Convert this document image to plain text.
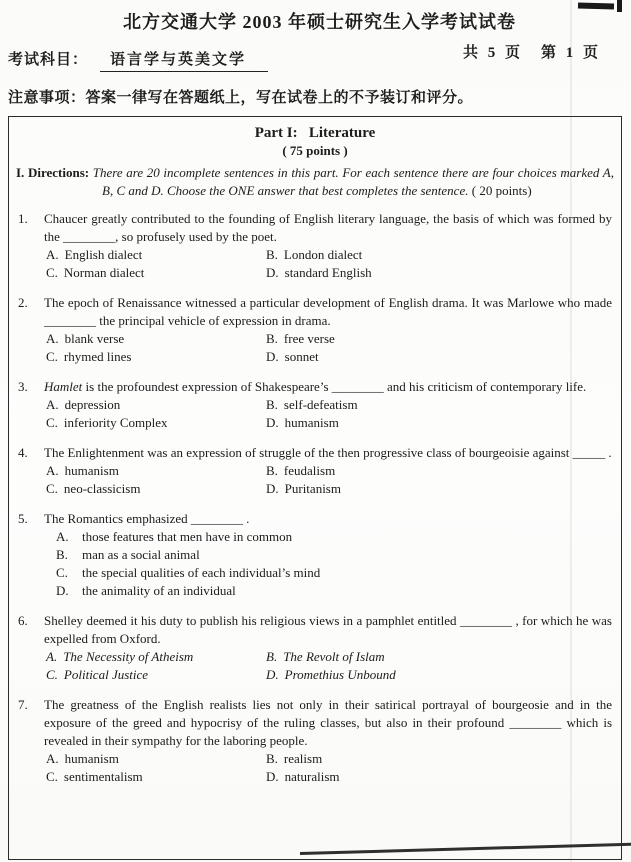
北方交通大学 2003 年硕士研究生入学考试试卷
考试科目：	语言学与英美文学	共 5 页　第 1 页
注意事项：答案一律写在答题纸上，写在试卷上的不予装订和评分。
Part I:   Literature
( 75 points )

I. Directions: There are 20 incomplete sentences in this part. For each sentence there are four choices marked A, B, C and D. Choose the ONE answer that best completes the sentence. ( 20 points)

1.	Chaucer greatly contributed to the founding of English literary language, the basis of which was formed by the ________, so profusely used by the poet.

A. English dialect	B. London dialect
C. Norman dialect	D. standard English
2.	The epoch of Renaissance witnessed a particular development of English drama. It was Marlowe who made ________ the principal vehicle of expression in drama.

A. blank verse	B. free verse
C. rhymed lines	D. sonnet
3.	Hamlet is the profoundest expression of Shakespeare’s ________ and his criticism of contemporary life.

A. depression	B. self-defeatism
C. inferiority Complex	D. humanism
4.	The Enlightenment was an expression of struggle of the then progressive class of bourgeoisie against _____ .

A. humanism	B. feudalism
C. neo-classicism	D. Puritanism
5.	The Romantics emphasized ________ .

A.	those features that men have in common
B.	man as a social animal
C.	the special qualities of each individual’s mind
D.	the animality of an individual
6.	Shelley deemed it his duty to publish his religious views in a pamphlet entitled ________ , for which he was expelled from Oxford.

A. The Necessity of Atheism	B. The Revolt of Islam
C. Political Justice	D. Promethius Unbound
7.	The greatness of the English realists lies not only in their satirical portrayal of bourgeosie and in the exposure of the greed and hypocrisy of the ruling classes, but also in their profound ________ which is revealed in their sympathy for the laboring people.

A. humanism	B. realism
C. sentimentalism	D. naturalism
